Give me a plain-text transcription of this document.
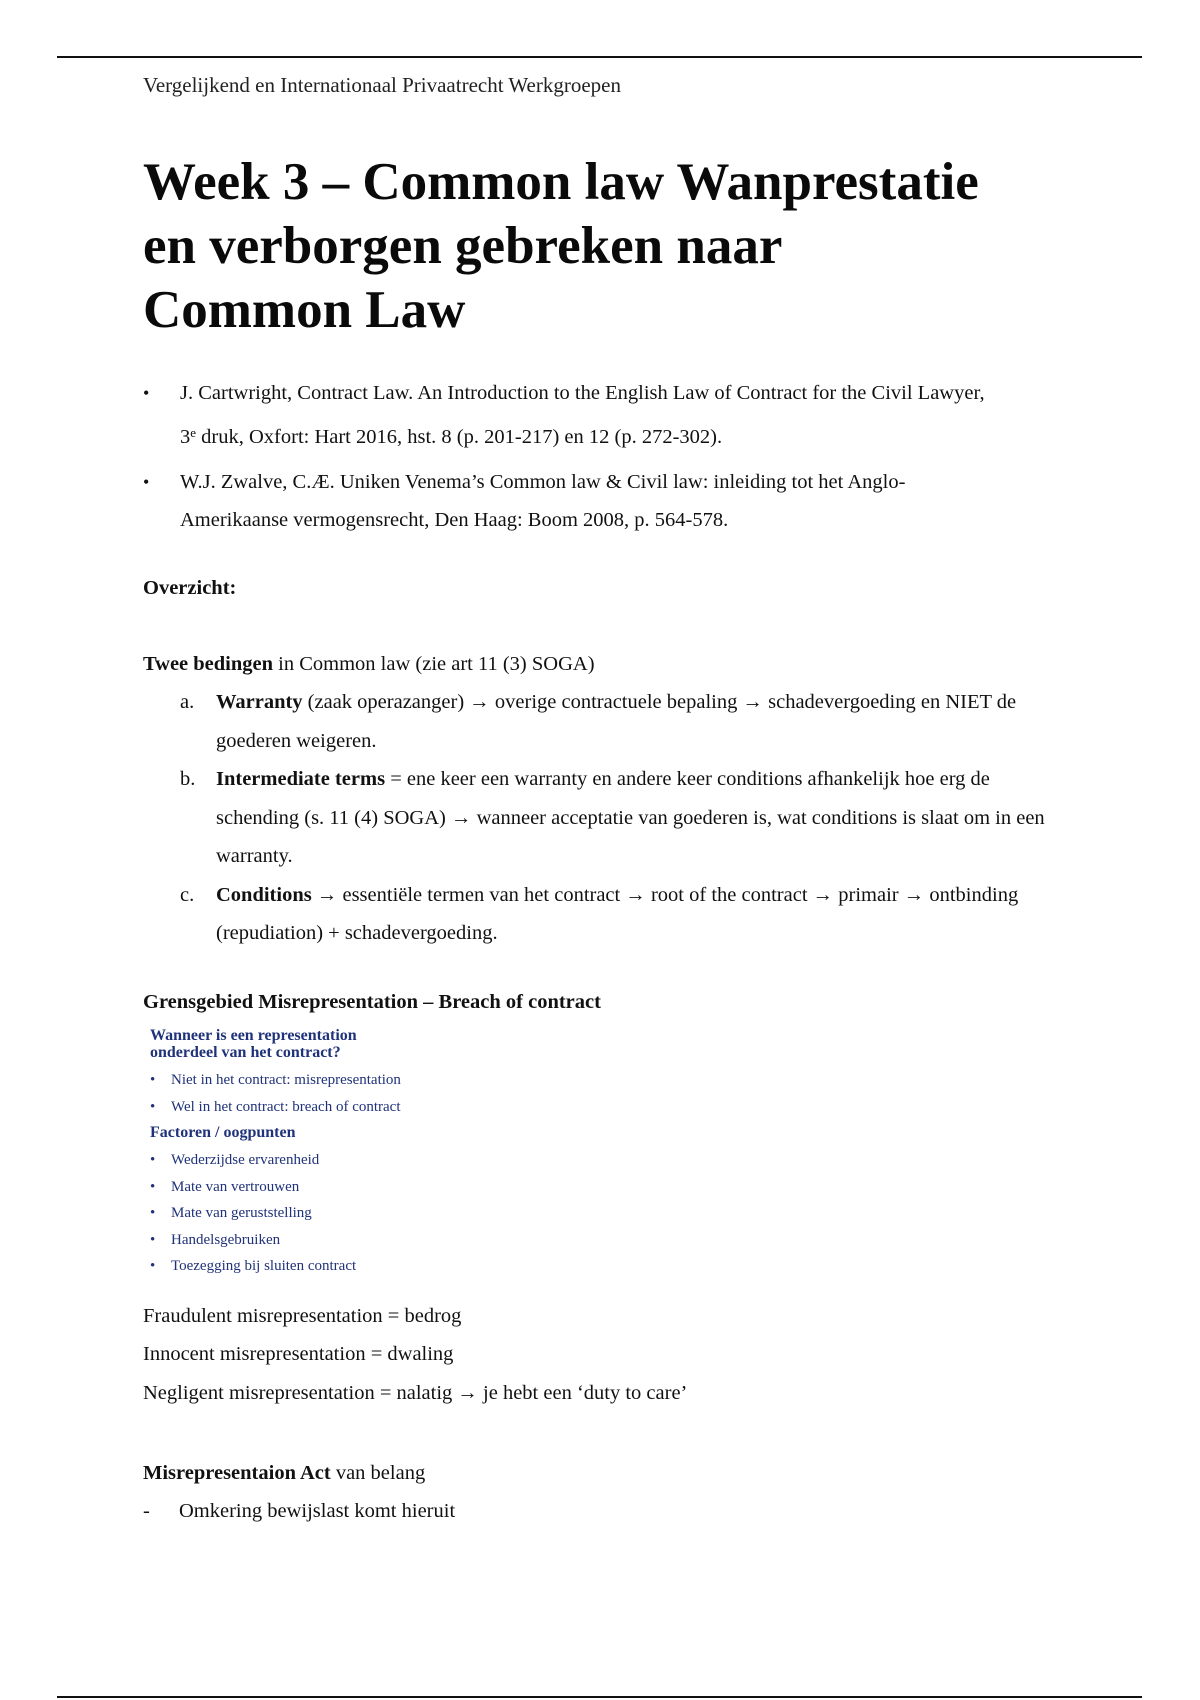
Vergelijkend en Internationaal Privaatrecht Werkgroepen

Week 3 – Common law Wanprestatie
en verborgen gebreken naar
Common Law
• J. Cartwright, Contract Law. An Introduction to the English Law of Contract for the Civil Lawyer,
3e druk, Oxfort: Hart 2016, hst. 8 (p. 201-217) en 12 (p. 272-302).
• W.J. Zwalve, C.Æ. Uniken Venema’s Common law & Civil law: inleiding tot het Anglo-
Amerikaanse vermogensrecht, Den Haag: Boom 2008, p. 564-578.

Overzicht:

Twee bedingen in Common law (zie art 11 (3) SOGA)

a. Warranty (zaak operazanger) → overige contractuele bepaling → schadevergoeding en NIET de goederen weigeren.
b. Intermediate terms = ene keer een warranty en andere keer conditions afhankelijk hoe erg de schending (s. 11 (4) SOGA) → wanneer acceptatie van goederen is, wat conditions is slaat om in een warranty.
c. Conditions → essentiële termen van het contract → root of the contract → primair → ontbinding (repudiation) + schadevergoeding.

Grensgebied Misrepresentation – Breach of contract

Wanneer is een representation
onderdeel van het contract?
• Niet in het contract: misrepresentation
• Wel in het contract: breach of contract
Factoren / oogpunten
• Wederzijdse ervarenheid
• Mate van vertrouwen
• Mate van geruststelling
• Handelsgebruiken
• Toezegging bij sluiten contract
Fraudulent misrepresentation = bedrog
Innocent misrepresentation = dwaling
Negligent misrepresentation = nalatig → je hebt een ‘duty to care’

Misrepresentaion Act van belang

- Omkering bewijslast komt hieruit
